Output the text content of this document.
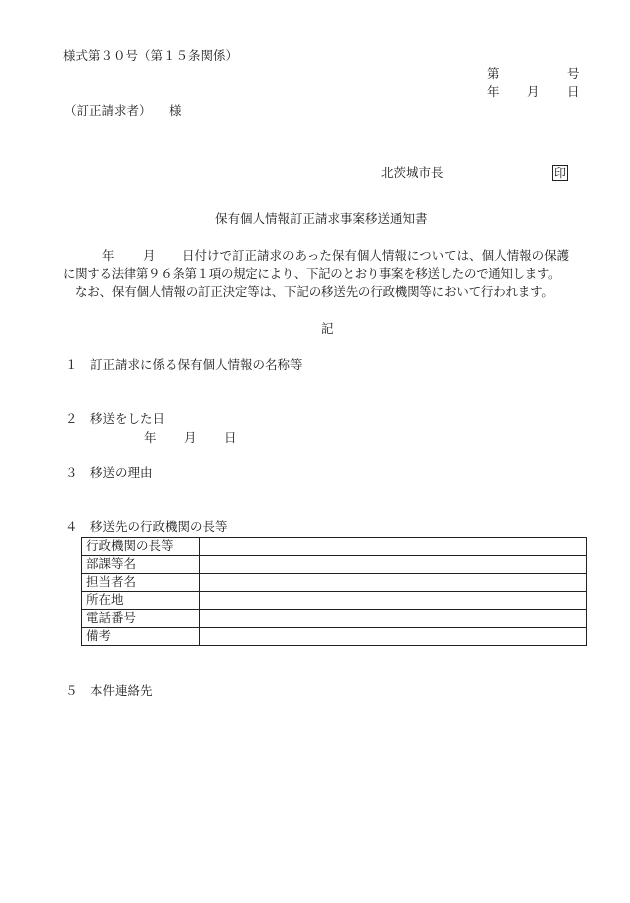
様式第３０号（第１５条関係）
第	号
年 月 日
（訂正請求者） 様
北茨城市長	印
保有個人情報訂正請求事案移送通知書
年 月 日付けで訂正請求のあった保有個人情報については、個人情報の保護
に関する法律第９６条第１項の規定により、下記のとおり事案を移送したので通知します。
なお、保有個人情報の訂正決定等は、下記の移送先の行政機関等において行われます。
記
１ 訂正請求に係る保有個人情報の名称等
２ 移送をした日
年 月 日
３ 移送の理由
４ 移送先の行政機関の長等
行政機関の長等	
部課等名	
担当者名	
所在地	
電話番号	
備考	
５ 本件連絡先
